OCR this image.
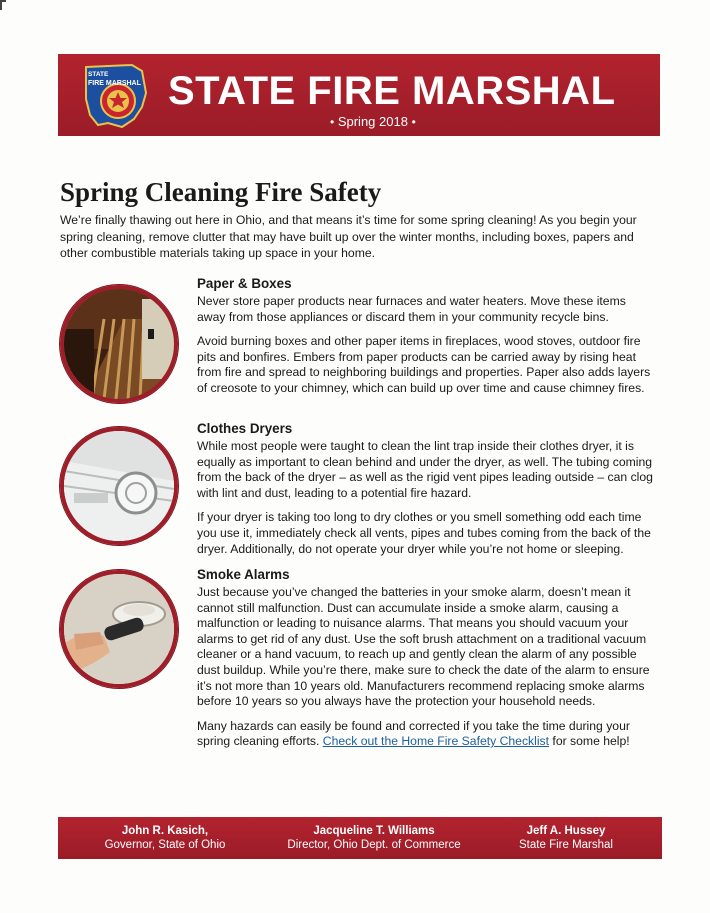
STATE
FIRE MARSHAL STATE FIRE MARSHAL
• Spring 2018 •
Spring Cleaning Fire Safety

We’re finally thawing out here in Ohio, and that means it’s time for some spring cleaning! As you begin your spring cleaning, remove clutter that may have built up over the winter months, including boxes, papers and other combustible materials taking up space in your home.

Paper & Boxes

Never store paper products near furnaces and water heaters. Move these items away from those appliances or discard them in your community recycle bins.

Avoid burning boxes and other paper items in fireplaces, wood stoves, outdoor fire pits and bonfires. Embers from paper products can be carried away by rising heat from fire and spread to neighboring buildings and properties. Paper also adds layers of creosote to your chimney, which can build up over time and cause chimney fires.

Clothes Dryers

While most people were taught to clean the lint trap inside their clothes dryer, it is equally as important to clean behind and under the dryer, as well. The tubing coming from the back of the dryer – as well as the rigid vent pipes leading outside – can clog with lint and dust, leading to a potential fire hazard.

If your dryer is taking too long to dry clothes or you smell something odd each time you use it, immediately check all vents, pipes and tubes coming from the back of the dryer. Additionally, do not operate your dryer while you’re not home or sleeping.

Smoke Alarms

Just because you’ve changed the batteries in your smoke alarm, doesn’t mean it cannot still malfunction. Dust can accumulate inside a smoke alarm, causing a malfunction or leading to nuisance alarms. That means you should vacuum your alarms to get rid of any dust. Use the soft brush attachment on a traditional vacuum cleaner or a hand vacuum, to reach up and gently clean the alarm of any possible dust buildup. While you’re there, make sure to check the date of the alarm to ensure it’s not more than 10 years old. Manufacturers recommend replacing smoke alarms before 10 years so you always have the protection your household needs.

Many hazards can easily be found and corrected if you take the time during your spring cleaning efforts. Check out the Home Fire Safety Checklist for some help!

John R. Kasich,
Governor, State of Ohio
Jacqueline T. Williams
Director, Ohio Dept. of Commerce
Jeff A. Hussey
State Fire Marshal
